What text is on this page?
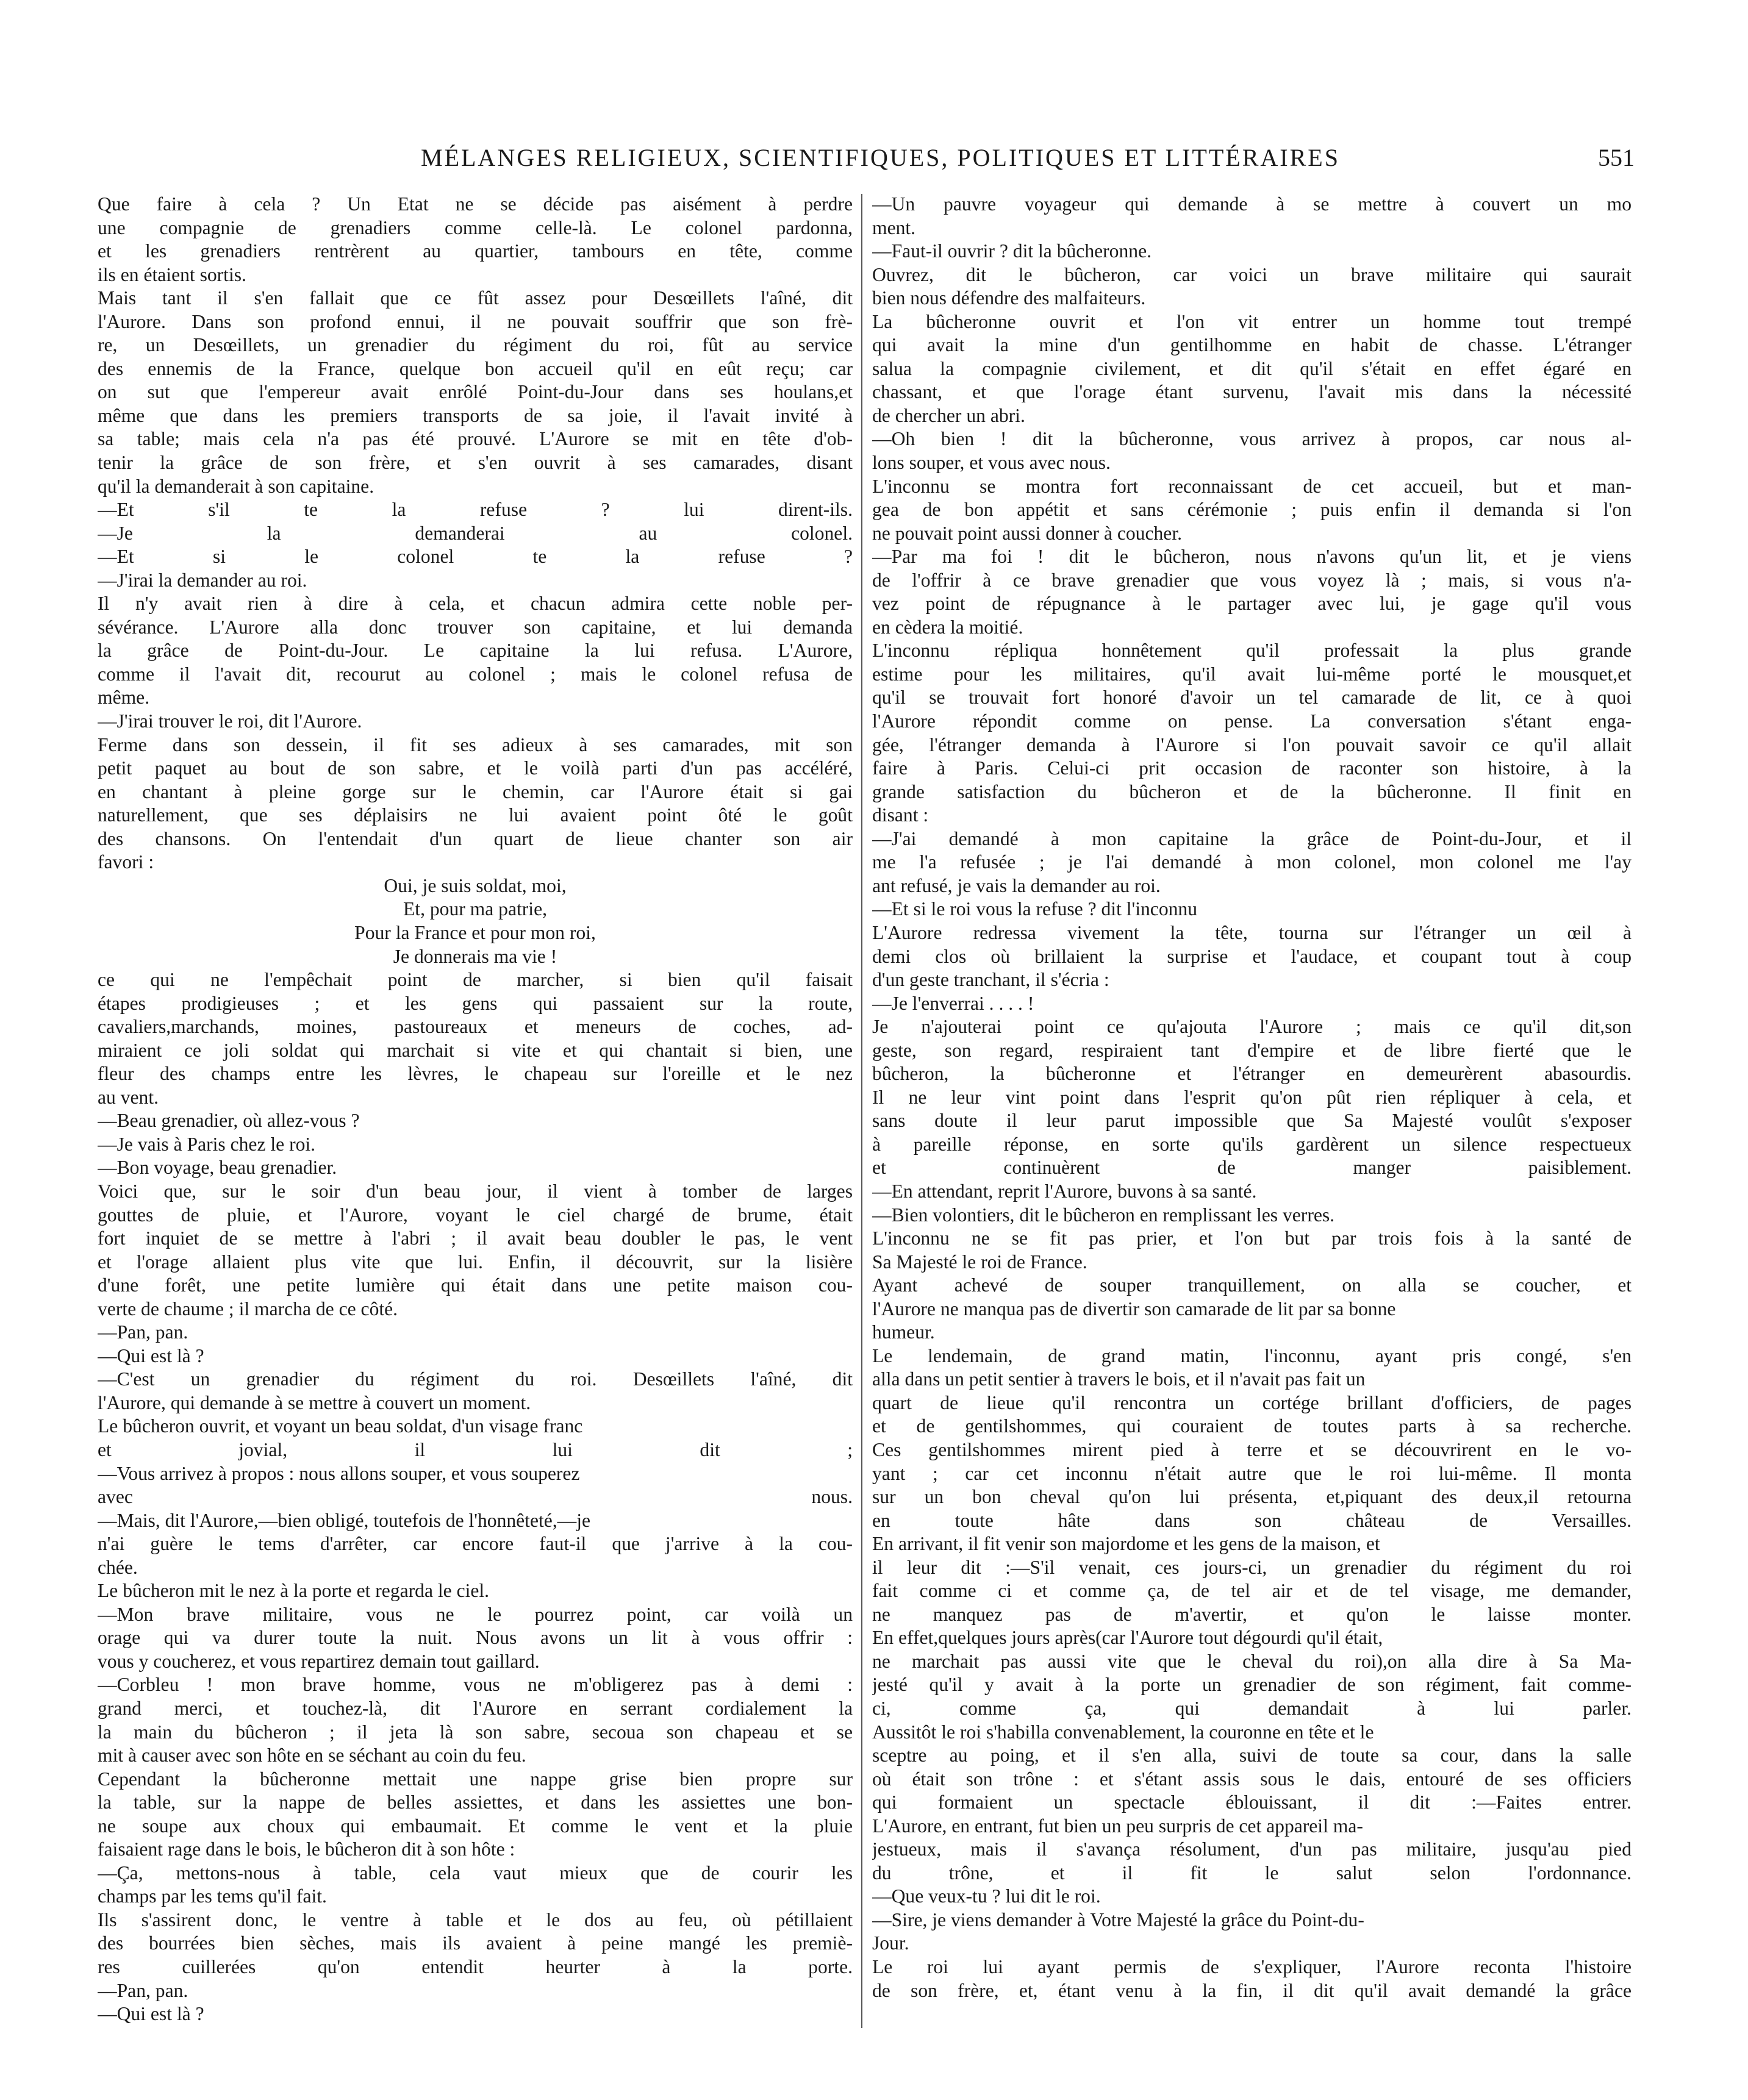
MÉLANGES RELIGIEUX, SCIENTIFIQUES, POLITIQUES ET LITTÉRAIRES	551
Que faire à cela ? Un Etat ne se décide pas aisément à perdre
une compagnie de grenadiers comme celle-là. Le colonel pardonna,
et les grenadiers rentrèrent au quartier, tambours en tête, comme
ils en étaient sortis.
Mais tant il s'en fallait que ce fût assez pour Desœillets l'aîné, dit
l'Aurore. Dans son profond ennui, il ne pouvait souffrir que son frè-
re, un Desœillets, un grenadier du régiment du roi, fût au service
des ennemis de la France, quelque bon accueil qu'il en eût reçu; car
on sut que l'empereur avait enrôlé Point-du-Jour dans ses houlans,et
même que dans les premiers transports de sa joie, il l'avait invité à
sa table; mais cela n'a pas été prouvé. L'Aurore se mit en tête d'ob-
tenir la grâce de son frère, et s'en ouvrit à ses camarades, disant
qu'il la demanderait à son capitaine.
—Et s'il te la refuse ? lui dirent-ils.
—Je la demanderai au colonel.
—Et si le colonel te la refuse ?
—J'irai la demander au roi.
Il n'y avait rien à dire à cela, et chacun admira cette noble per-
sévérance. L'Aurore alla donc trouver son capitaine, et lui demanda
la grâce de Point-du-Jour. Le capitaine la lui refusa. L'Aurore,
comme il l'avait dit, recourut au colonel ; mais le colonel refusa de
même.
—J'irai trouver le roi, dit l'Aurore.
Ferme dans son dessein, il fit ses adieux à ses camarades, mit son
petit paquet au bout de son sabre, et le voilà parti d'un pas accéléré,
en chantant à pleine gorge sur le chemin, car l'Aurore était si gai
naturellement, que ses déplaisirs ne lui avaient point ôté le goût
des chansons. On l'entendait d'un quart de lieue chanter son air
favori :
Oui, je suis soldat, moi,
Et, pour ma patrie,
Pour la France et pour mon roi,
Je donnerais ma vie !
ce qui ne l'empêchait point de marcher, si bien qu'il faisait
étapes prodigieuses ; et les gens qui passaient sur la route,
cavaliers,marchands, moines, pastoureaux et meneurs de coches, ad-
miraient ce joli soldat qui marchait si vite et qui chantait si bien, une
fleur des champs entre les lèvres, le chapeau sur l'oreille et le nez
au vent.
—Beau grenadier, où allez-vous ?
—Je vais à Paris chez le roi.
—Bon voyage, beau grenadier.
Voici que, sur le soir d'un beau jour, il vient à tomber de larges
gouttes de pluie, et l'Aurore, voyant le ciel chargé de brume, était
fort inquiet de se mettre à l'abri ; il avait beau doubler le pas, le vent
et l'orage allaient plus vite que lui. Enfin, il découvrit, sur la lisière
d'une forêt, une petite lumière qui était dans une petite maison cou-
verte de chaume ; il marcha de ce côté.
—Pan, pan.
—Qui est là ?
—C'est un grenadier du régiment du roi. Desœillets l'aîné, dit
l'Aurore, qui demande à se mettre à couvert un moment.
Le bûcheron ouvrit, et voyant un beau soldat, d'un visage franc
et jovial, il lui dit ;
—Vous arrivez à propos : nous allons souper, et vous souperez
avec nous.
—Mais, dit l'Aurore,—bien obligé, toutefois de l'honnêteté,—je
n'ai guère le tems d'arrêter, car encore faut-il que j'arrive à la cou-
chée.
Le bûcheron mit le nez à la porte et regarda le ciel.
—Mon brave militaire, vous ne le pourrez point, car voilà un
orage qui va durer toute la nuit. Nous avons un lit à vous offrir :
vous y coucherez, et vous repartirez demain tout gaillard.
—Corbleu ! mon brave homme, vous ne m'obligerez pas à demi :
grand merci, et touchez-là, dit l'Aurore en serrant cordialement la
la main du bûcheron ; il jeta là son sabre, secoua son chapeau et se
mit à causer avec son hôte en se séchant au coin du feu.
Cependant la bûcheronne mettait une nappe grise bien propre sur
la table, sur la nappe de belles assiettes, et dans les assiettes une bon-
ne soupe aux choux qui embaumait. Et comme le vent et la pluie
faisaient rage dans le bois, le bûcheron dit à son hôte :
—Ça, mettons-nous à table, cela vaut mieux que de courir les
champs par les tems qu'il fait.
Ils s'assirent donc, le ventre à table et le dos au feu, où pétillaient
des bourrées bien sèches, mais ils avaient à peine mangé les premiè-
res cuillerées qu'on entendit heurter à la porte.
—Pan, pan.
—Qui est là ?
—Un pauvre voyageur qui demande à se mettre à couvert un mo
ment.
—Faut-il ouvrir ? dit la bûcheronne.
Ouvrez, dit le bûcheron, car voici un brave militaire qui saurait
bien nous défendre des malfaiteurs.
La bûcheronne ouvrit et l'on vit entrer un homme tout trempé
qui avait la mine d'un gentilhomme en habit de chasse. L'étranger
salua la compagnie civilement, et dit qu'il s'était en effet égaré en
chassant, et que l'orage étant survenu, l'avait mis dans la nécessité
de chercher un abri.
—Oh bien ! dit la bûcheronne, vous arrivez à propos, car nous al-
lons souper, et vous avec nous.
L'inconnu se montra fort reconnaissant de cet accueil, but et man-
gea de bon appétit et sans cérémonie ; puis enfin il demanda si l'on
ne pouvait point aussi donner à coucher.
—Par ma foi ! dit le bûcheron, nous n'avons qu'un lit, et je viens
de l'offrir à ce brave grenadier que vous voyez là ; mais, si vous n'a-
vez point de répugnance à le partager avec lui, je gage qu'il vous
en cèdera la moitié.
L'inconnu répliqua honnêtement qu'il professait la plus grande
estime pour les militaires, qu'il avait lui-même porté le mousquet,et
qu'il se trouvait fort honoré d'avoir un tel camarade de lit, ce à quoi
l'Aurore répondit comme on pense. La conversation s'étant enga-
gée, l'étranger demanda à l'Aurore si l'on pouvait savoir ce qu'il allait
faire à Paris. Celui-ci prit occasion de raconter son histoire, à la
grande satisfaction du bûcheron et de la bûcheronne. Il finit en
disant :
—J'ai demandé à mon capitaine la grâce de Point-du-Jour, et il
me l'a refusée ; je l'ai demandé à mon colonel, mon colonel me l'ay
ant refusé, je vais la demander au roi.
—Et si le roi vous la refuse ? dit l'inconnu
L'Aurore redressa vivement la tête, tourna sur l'étranger un œil à
demi clos où brillaient la surprise et l'audace, et coupant tout à coup
d'un geste tranchant, il s'écria :
—Je l'enverrai . . . . !
Je n'ajouterai point ce qu'ajouta l'Aurore ; mais ce qu'il dit,son
geste, son regard, respiraient tant d'empire et de libre fierté que le
bûcheron, la bûcheronne et l'étranger en demeurèrent abasourdis.
Il ne leur vint point dans l'esprit qu'on pût rien répliquer à cela, et
sans doute il leur parut impossible que Sa Majesté voulût s'exposer
à pareille réponse, en sorte qu'ils gardèrent un silence respectueux
et continuèrent de manger paisiblement.
—En attendant, reprit l'Aurore, buvons à sa santé.
—Bien volontiers, dit le bûcheron en remplissant les verres.
L'inconnu ne se fit pas prier, et l'on but par trois fois à la santé de
Sa Majesté le roi de France.
Ayant achevé de souper tranquillement, on alla se coucher, et
l'Aurore ne manqua pas de divertir son camarade de lit par sa bonne
humeur.
Le lendemain, de grand matin, l'inconnu, ayant pris congé, s'en
alla dans un petit sentier à travers le bois, et il n'avait pas fait un
quart de lieue qu'il rencontra un cortége brillant d'officiers, de pages
et de gentilshommes, qui couraient de toutes parts à sa recherche.
Ces gentilshommes mirent pied à terre et se découvrirent en le vo-
yant ; car cet inconnu n'était autre que le roi lui-même. Il monta
sur un bon cheval qu'on lui présenta, et,piquant des deux,il retourna
en toute hâte dans son château de Versailles.
En arrivant, il fit venir son majordome et les gens de la maison, et
il leur dit :—S'il venait, ces jours-ci, un grenadier du régiment du roi
fait comme ci et comme ça, de tel air et de tel visage, me demander,
ne manquez pas de m'avertir, et qu'on le laisse monter.
En effet,quelques jours après(car l'Aurore tout dégourdi qu'il était,
ne marchait pas aussi vite que le cheval du roi),on alla dire à Sa Ma-
jesté qu'il y avait à la porte un grenadier de son régiment, fait comme-
ci, comme ça, qui demandait à lui parler.
Aussitôt le roi s'habilla convenablement, la couronne en tête et le
sceptre au poing, et il s'en alla, suivi de toute sa cour, dans la salle
où était son trône : et s'étant assis sous le dais, entouré de ses officiers
qui formaient un spectacle éblouissant, il dit :—Faites entrer.
L'Aurore, en entrant, fut bien un peu surpris de cet appareil ma-
jestueux, mais il s'avança résolument, d'un pas militaire, jusqu'au pied
du trône, et il fit le salut selon l'ordonnance.
—Que veux-tu ? lui dit le roi.
—Sire, je viens demander à Votre Majesté la grâce du Point-du-
Jour.
Le roi lui ayant permis de s'expliquer, l'Aurore reconta l'histoire
de son frère, et, étant venu à la fin, il dit qu'il avait demandé la grâce
